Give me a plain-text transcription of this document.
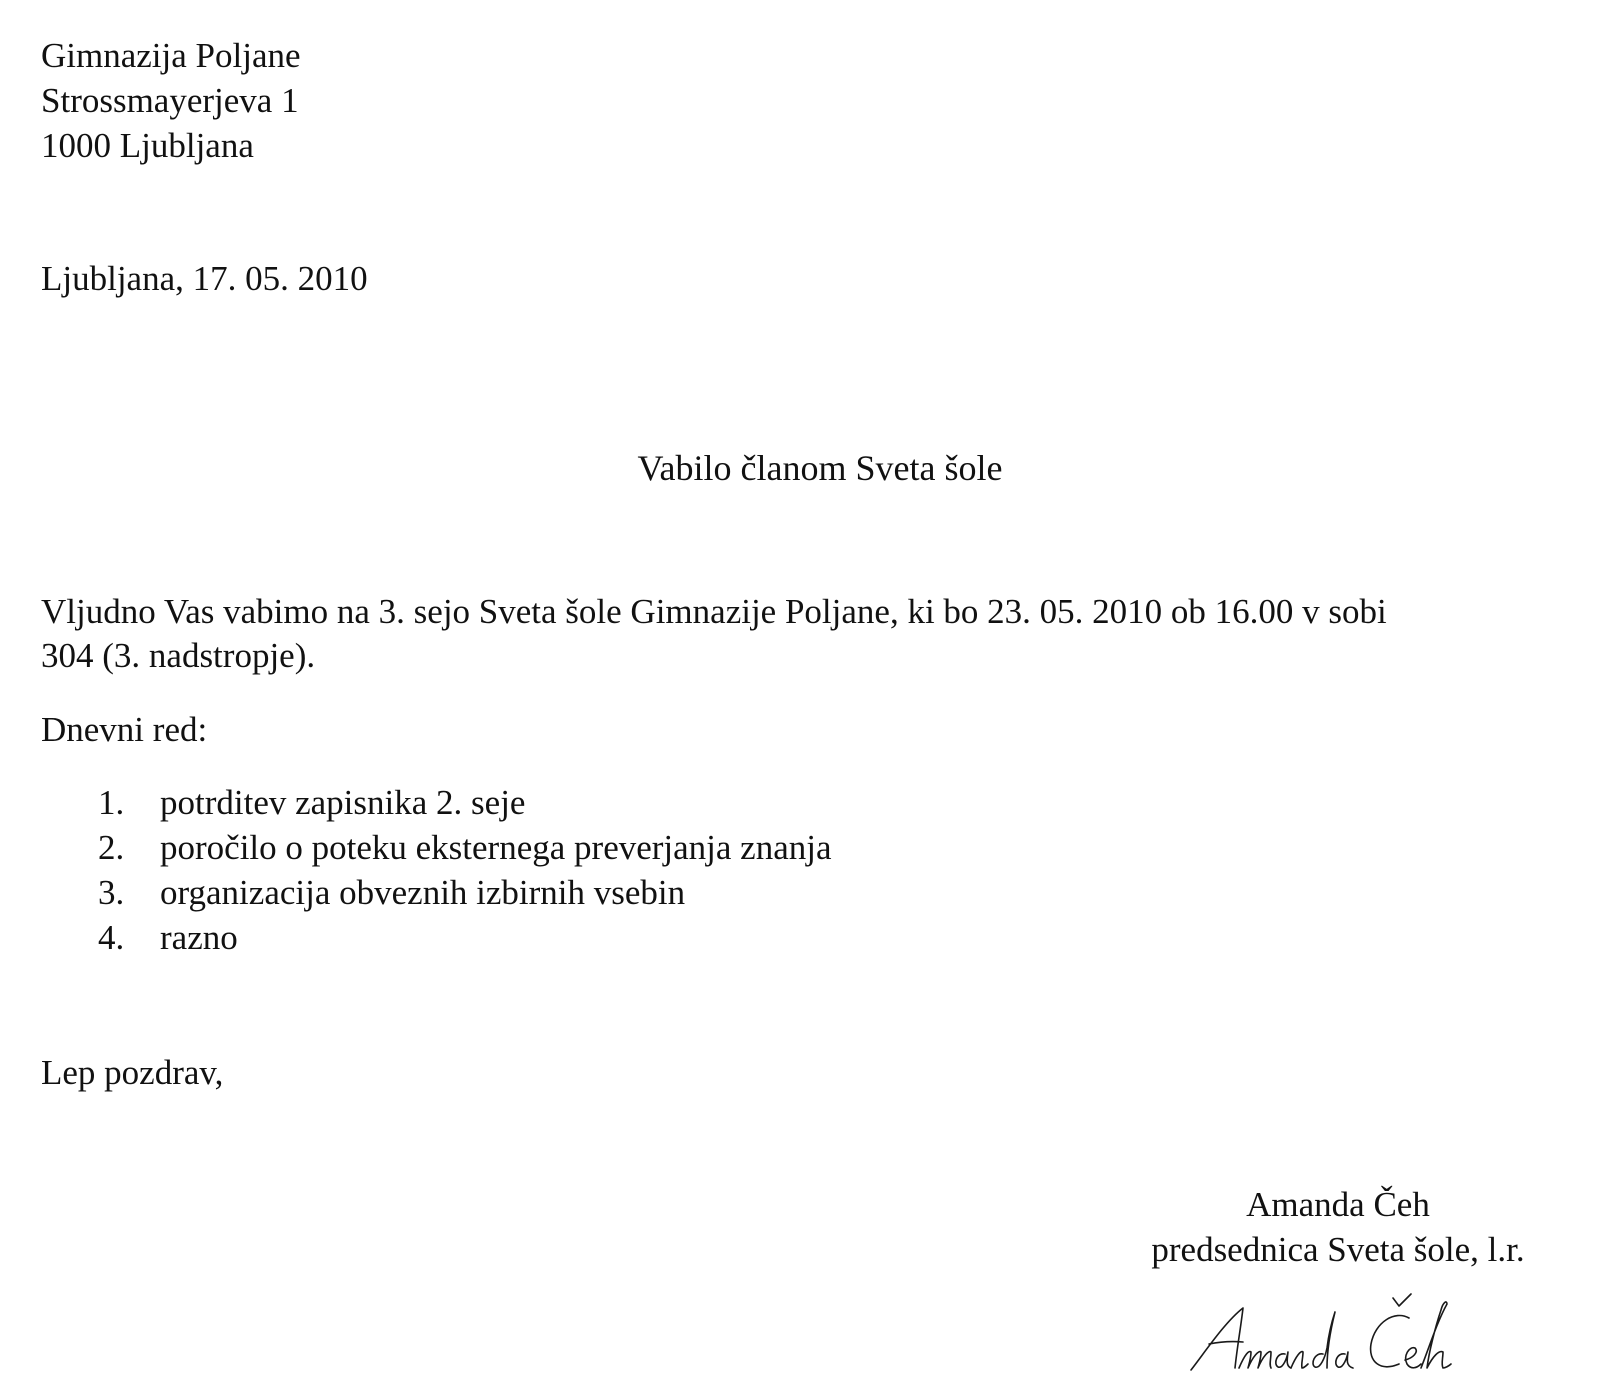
Gimnazija Poljane
Strossmayerjeva 1
1000 Ljubljana
Ljubljana, 17. 05. 2010
Vabilo članom Sveta šole
Vljudno Vas vabimo na 3. sejo Sveta šole Gimnazije Poljane, ki bo 23. 05. 2010 ob 16.00 v sobi
304 (3. nadstropje).
Dnevni red:
1.	potrditev zapisnika 2. seje
2.	poročilo o poteku eksternega preverjanja znanja
3.	organizacija obveznih izbirnih vsebin
4.	razno
Lep pozdrav,
Amanda Čeh
predsednica Sveta šole, l.r.
